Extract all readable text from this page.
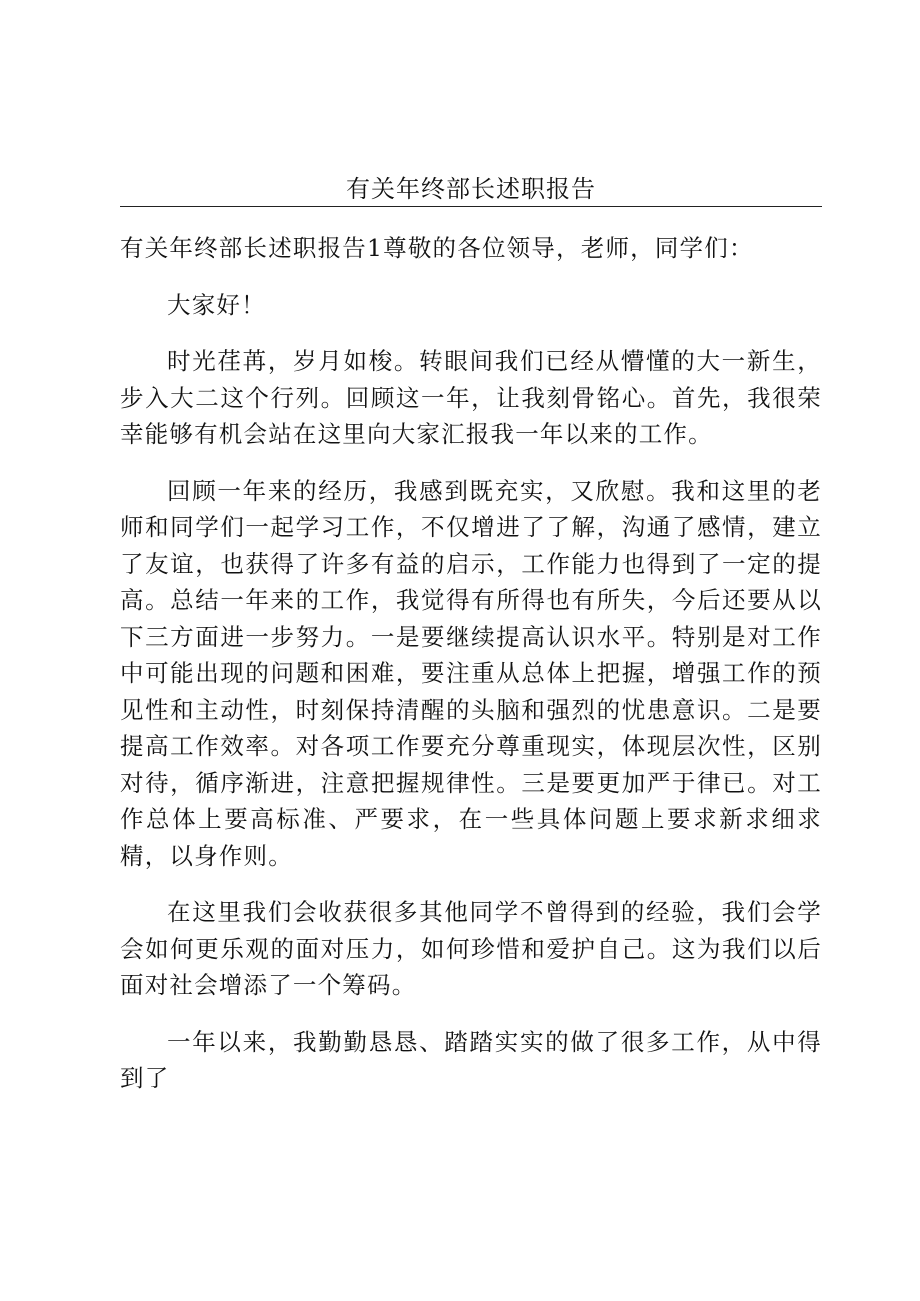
有关年终部长述职报告

有关年终部长述职报告1尊敬的各位领导，老师，同学们：

大家好！

时光荏苒，岁月如梭。转眼间我们已经从懵懂的大一新生，步入大二这个行列。回顾这一年，让我刻骨铭心。首先，我很荣幸能够有机会站在这里向大家汇报我一年以来的工作。

回顾一年来的经历，我感到既充实，又欣慰。我和这里的老师和同学们一起学习工作，不仅增进了了解，沟通了感情，建立了友谊，也获得了许多有益的启示，工作能力也得到了一定的提高。总结一年来的工作，我觉得有所得也有所失，今后还要从以下三方面进一步努力。一是要继续提高认识水平。特别是对工作中可能出现的问题和困难，要注重从总体上把握，增强工作的预见性和主动性，时刻保持清醒的头脑和强烈的忧患意识。二是要提高工作效率。对各项工作要充分尊重现实，体现层次性，区别对待，循序渐进，注意把握规律性。三是要更加严于律已。对工作总体上要高标准、严要求，在一些具体问题上要求新求细求精，以身作则。

在这里我们会收获很多其他同学不曾得到的经验，我们会学会如何更乐观的面对压力，如何珍惜和爱护自己。这为我们以后面对社会增添了一个筹码。

一年以来，我勤勤恳恳、踏踏实实的做了很多工作，从中得到了
